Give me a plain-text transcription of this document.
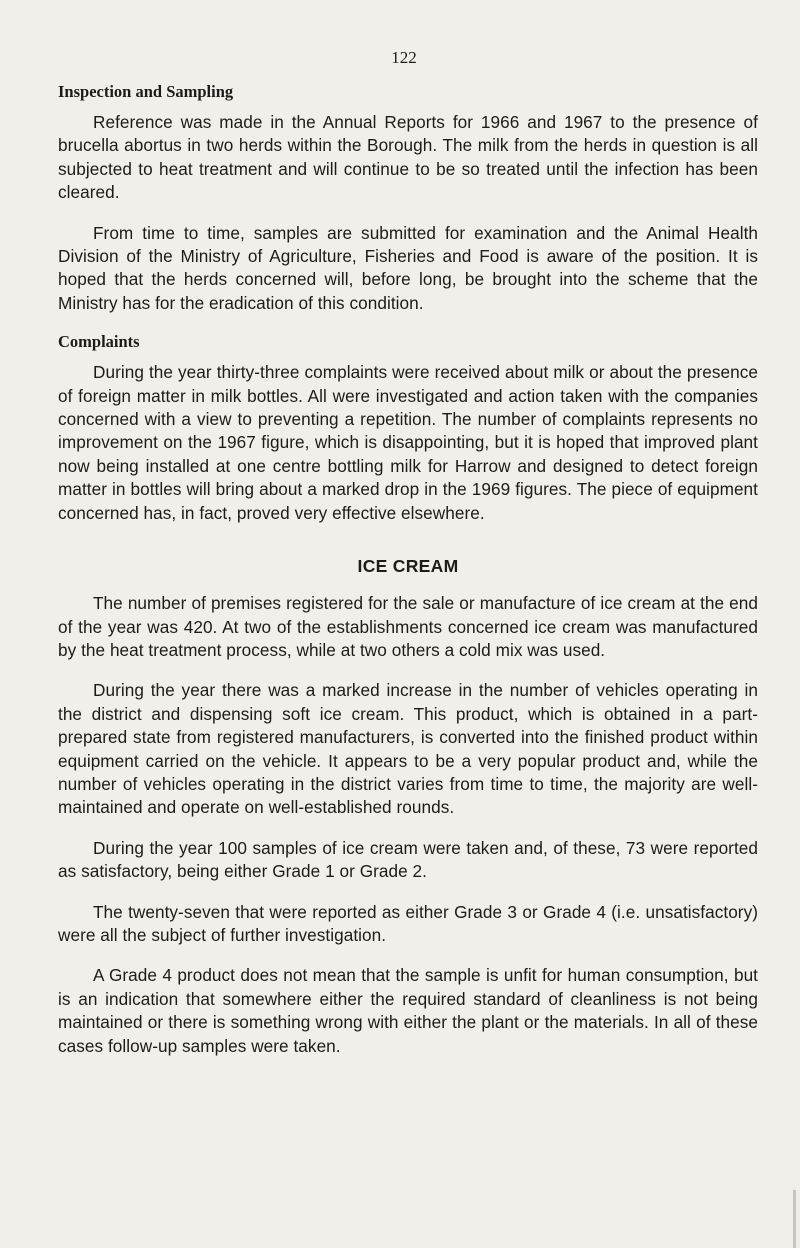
122
Inspection and Sampling

Reference was made in the Annual Reports for 1966 and 1967 to the presence of brucella abortus in two herds within the Borough. The milk from the herds in question is all subjected to heat treatment and will continue to be so treated until the infection has been cleared.

From time to time, samples are submitted for examination and the Animal Health Division of the Ministry of Agriculture, Fisheries and Food is aware of the position. It is hoped that the herds concerned will, before long, be brought into the scheme that the Ministry has for the eradication of this condition.

Complaints

During the year thirty-three complaints were received about milk or about the presence of foreign matter in milk bottles. All were investigated and action taken with the companies concerned with a view to preventing a repetition. The number of complaints represents no improvement on the 1967 figure, which is disappointing, but it is hoped that improved plant now being installed at one centre bottling milk for Harrow and designed to detect foreign matter in bottles will bring about a marked drop in the 1969 figures. The piece of equipment concerned has, in fact, proved very effective elsewhere.

ICE CREAM

The number of premises registered for the sale or manufacture of ice cream at the end of the year was 420. At two of the establishments concerned ice cream was manufactured by the heat treatment process, while at two others a cold mix was used.

During the year there was a marked increase in the number of vehicles operating in the district and dispensing soft ice cream. This product, which is obtained in a part-prepared state from registered manufacturers, is converted into the finished product within equipment carried on the vehicle. It appears to be a very popular product and, while the number of vehicles operating in the district varies from time to time, the majority are well-maintained and operate on well-established rounds.

During the year 100 samples of ice cream were taken and, of these, 73 were reported as satisfactory, being either Grade 1 or Grade 2.

The twenty-seven that were reported as either Grade 3 or Grade 4 (i.e. unsatisfactory) were all the subject of further investigation.

A Grade 4 product does not mean that the sample is unfit for human consumption, but is an indication that somewhere either the required standard of cleanliness is not being maintained or there is something wrong with either the plant or the materials. In all of these cases follow-up samples were taken.
